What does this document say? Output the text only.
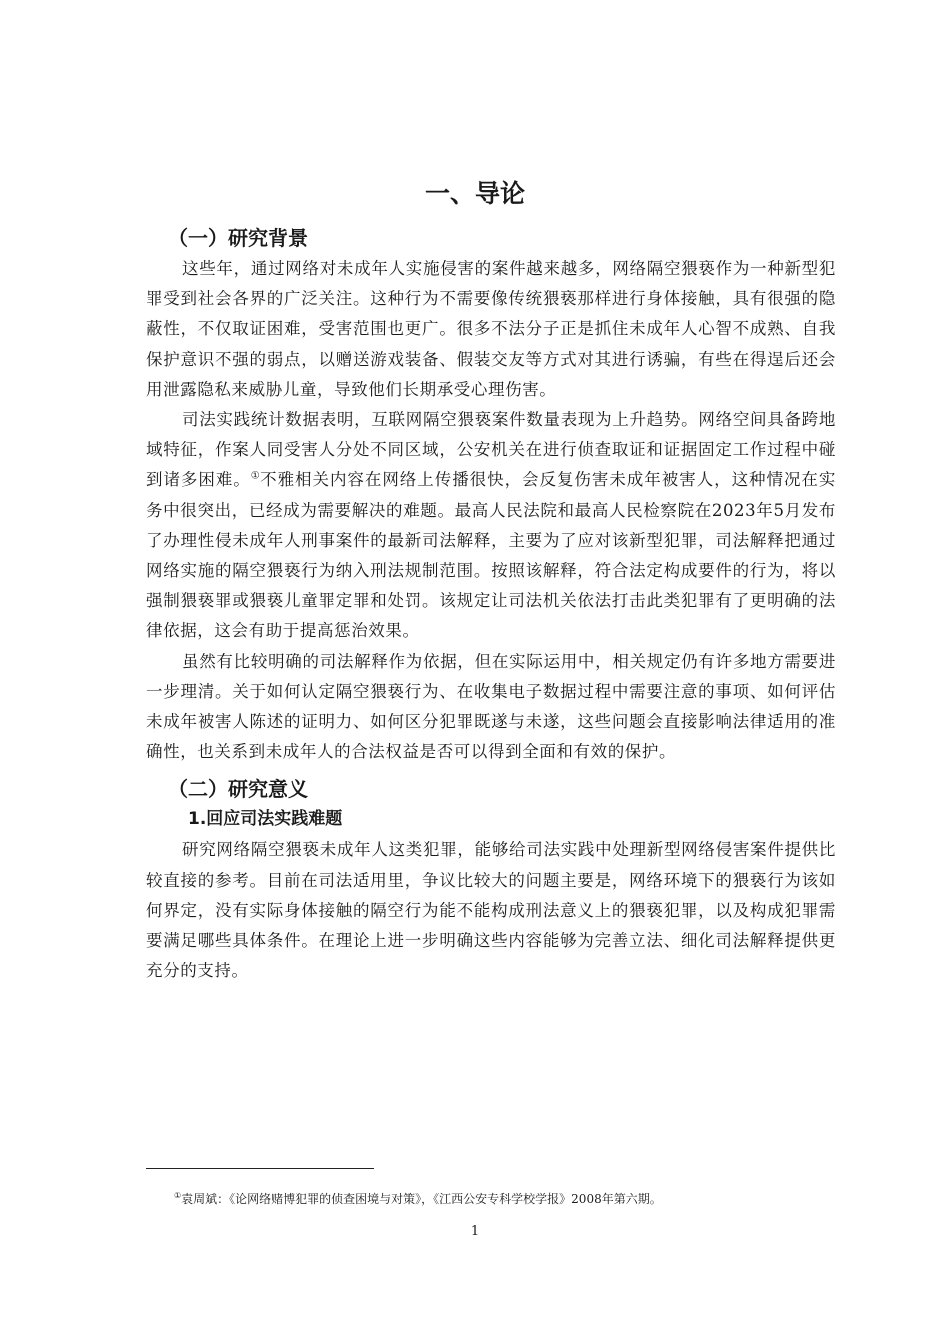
一、导论
（一）研究背景

这些年，通过网络对未成年人实施侵害的案件越来越多，网络隔空猥亵作为一种新型犯罪受到社会各界的广泛关注。这种行为不需要像传统猥亵那样进行身体接触，具有很强的隐蔽性，不仅取证困难，受害范围也更广。很多不法分子正是抓住未成年人心智不成熟、自我保护意识不强的弱点，以赠送游戏装备、假装交友等方式对其进行诱骗，有些在得逞后还会用泄露隐私来威胁儿童，导致他们长期承受心理伤害。

司法实践统计数据表明，互联网隔空猥亵案件数量表现为上升趋势。网络空间具备跨地域特征，作案人同受害人分处不同区域，公安机关在进行侦查取证和证据固定工作过程中碰到诸多困难。①不雅相关内容在网络上传播很快，会反复伤害未成年被害人，这种情况在实务中很突出，已经成为需要解决的难题。最高人民法院和最高人民检察院在2023年5月发布了办理性侵未成年人刑事案件的最新司法解释，主要为了应对该新型犯罪，司法解释把通过网络实施的隔空猥亵行为纳入刑法规制范围。按照该解释，符合法定构成要件的行为，将以强制猥亵罪或猥亵儿童罪定罪和处罚。该规定让司法机关依法打击此类犯罪有了更明确的法律依据，这会有助于提高惩治效果。

虽然有比较明确的司法解释作为依据，但在实际运用中，相关规定仍有许多地方需要进一步理清。关于如何认定隔空猥亵行为、在收集电子数据过程中需要注意的事项、如何评估未成年被害人陈述的证明力、如何区分犯罪既遂与未遂，这些问题会直接影响法律适用的准确性，也关系到未成年人的合法权益是否可以得到全面和有效的保护。

（二）研究意义
1.回应司法实践难题

研究网络隔空猥亵未成年人这类犯罪，能够给司法实践中处理新型网络侵害案件提供比较直接的参考。目前在司法适用里，争议比较大的问题主要是，网络环境下的猥亵行为该如何界定，没有实际身体接触的隔空行为能不能构成刑法意义上的猥亵犯罪，以及构成犯罪需要满足哪些具体条件。在理论上进一步明确这些内容能够为完善立法、细化司法解释提供更充分的支持。

①袁周斌：《论网络赌博犯罪的侦查困境与对策》，《江西公安专科学校学报》2008年第六期。

1
